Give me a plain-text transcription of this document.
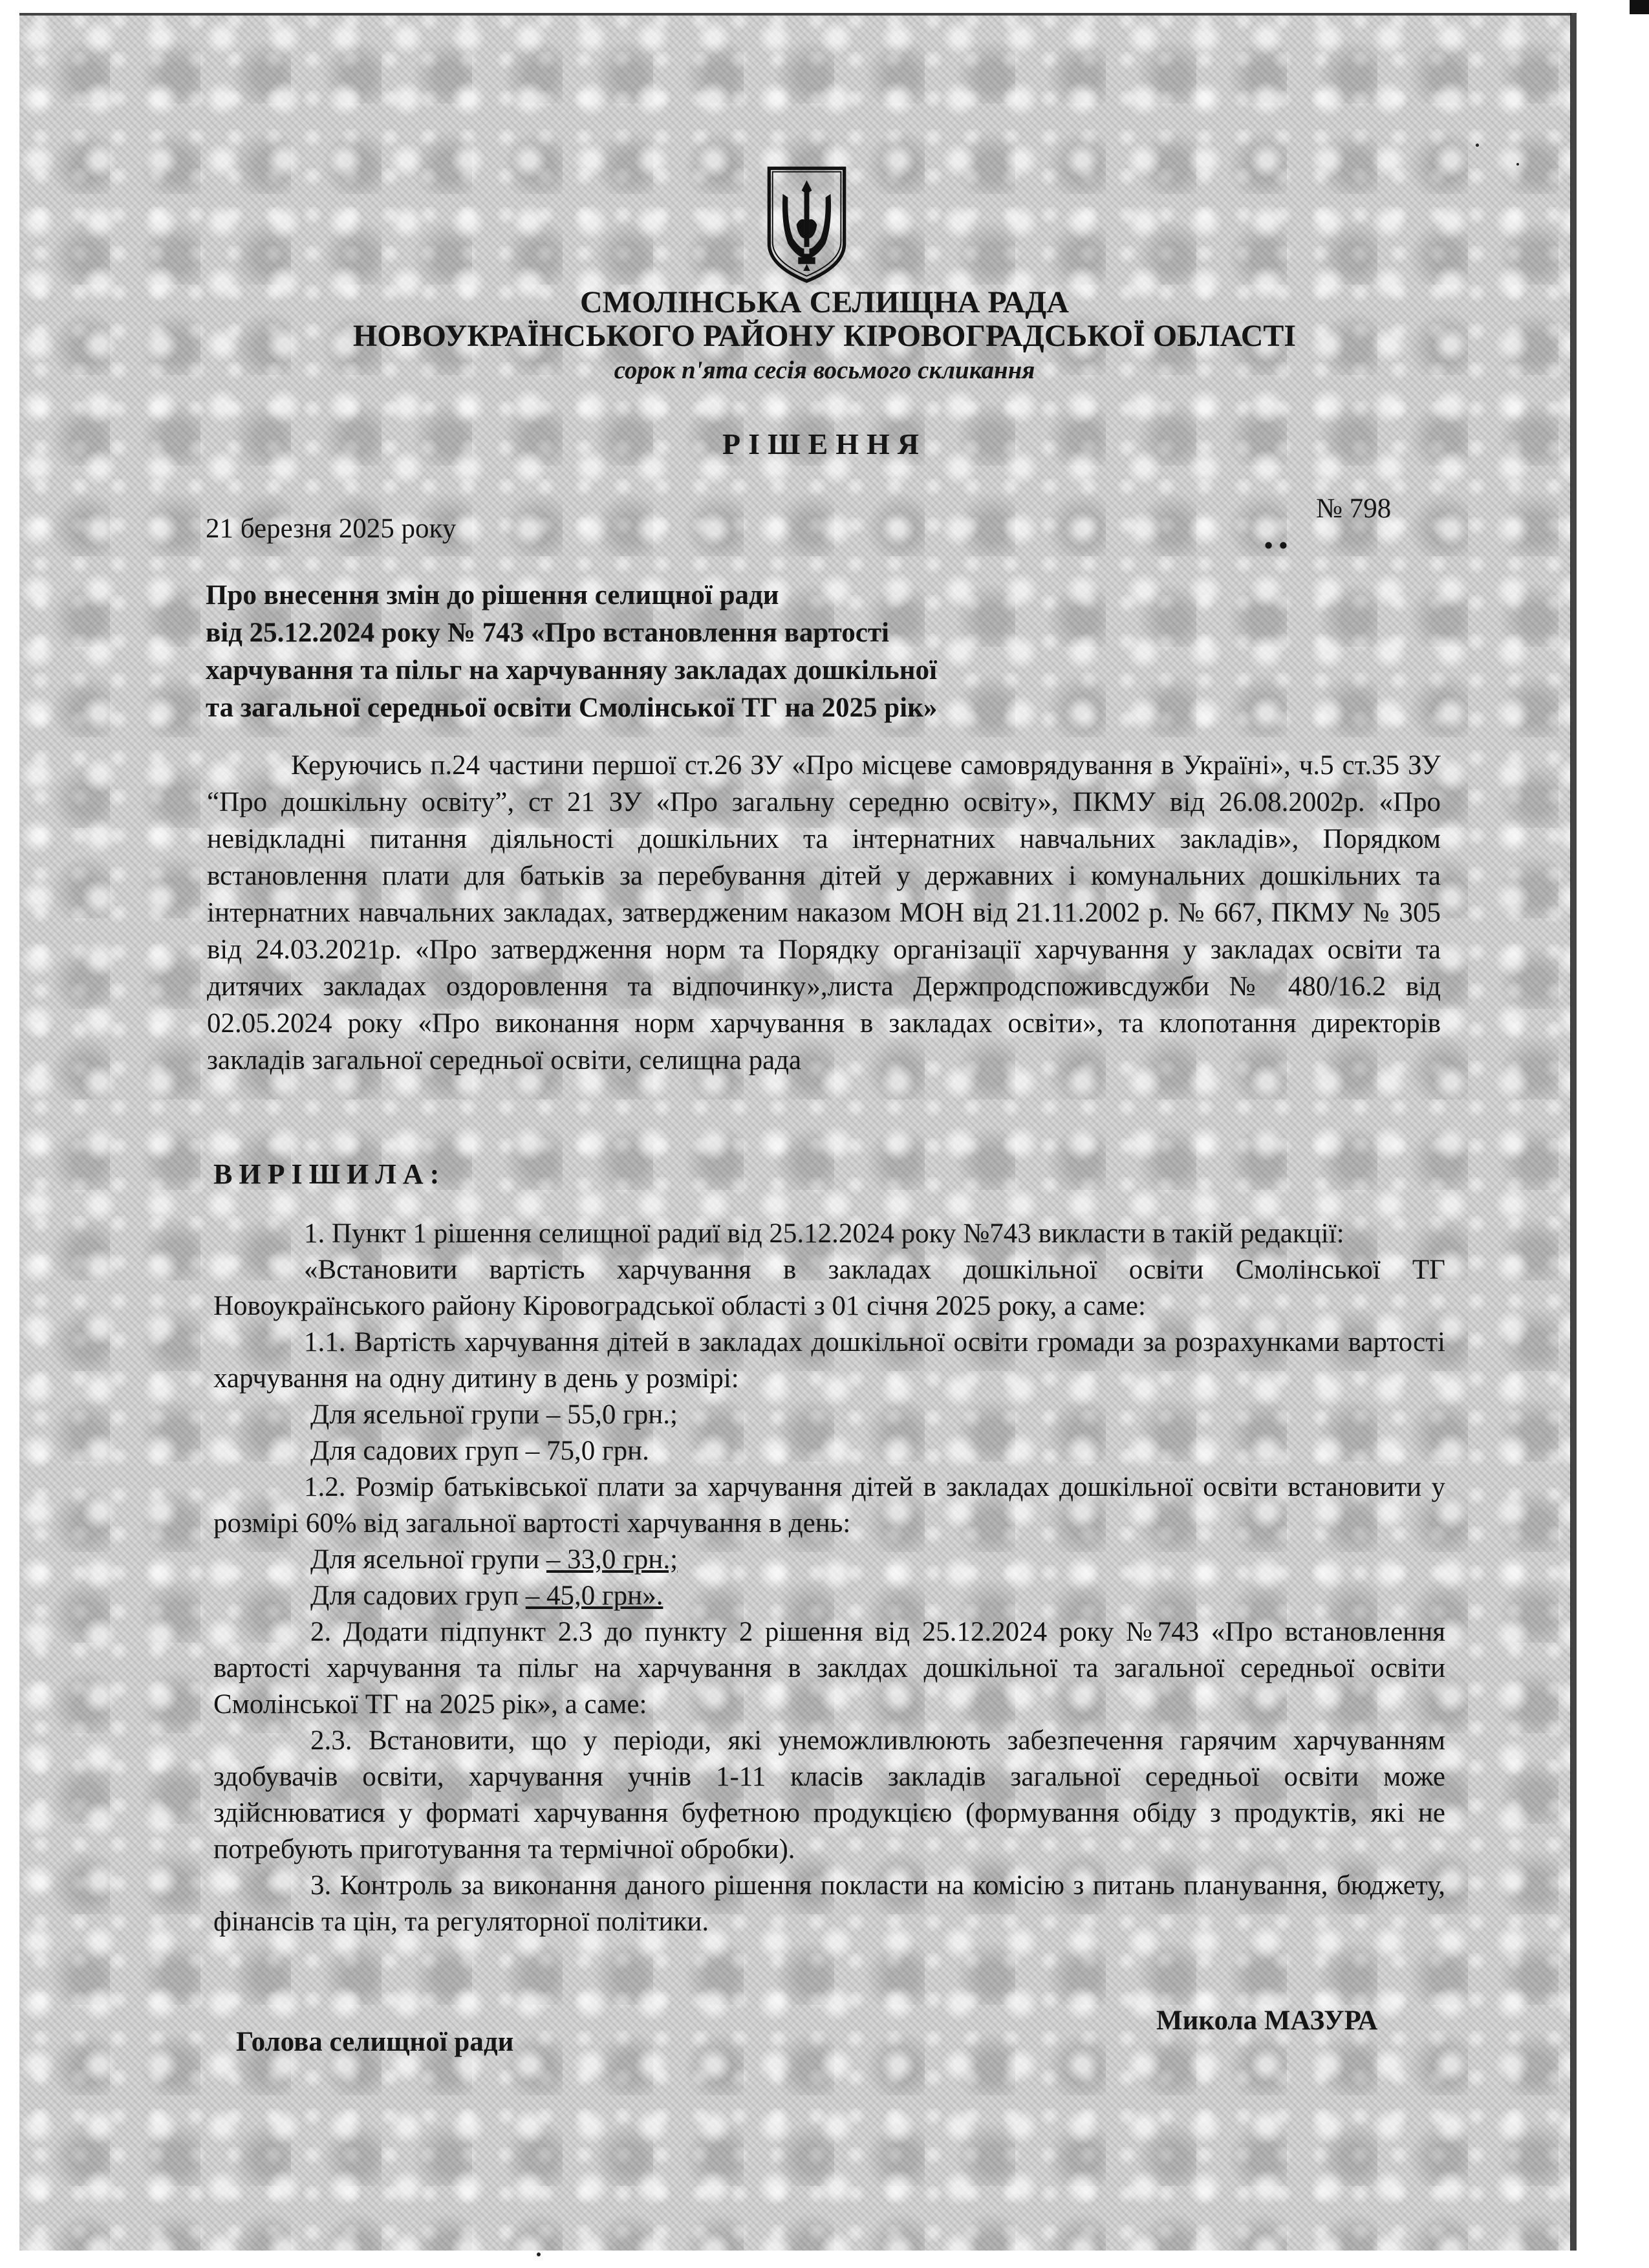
СМОЛІНСЬКА СЕЛИЩНА РАДА
НОВОУКРАЇНСЬКОГО РАЙОНУ КІРОВОГРАДСЬКОЇ ОБЛАСТІ
сорок п'ята сесія восьмого скликання
РІШЕННЯ
21 березня 2025 року
№ 798
• •
Про внесення змін до рішення селищної ради
від 25.12.2024 року № 743 «Про встановлення вартості
харчування та пільг на харчуванняу закладах дошкільної
та загальної середньої освіти Смолінської ТГ на 2025 рік»
Керуючись п.24 частини першої ст.26 ЗУ «Про місцеве самоврядування в Україні», ч.5 ст.35 ЗУ “Про дошкільну освіту”, ст 21 ЗУ «Про загальну середню освіту», ПКМУ від 26.08.2002р. «Про невідкладні питання діяльності дошкільних та інтернатних навчальних закладів», Порядком встановлення плати для батьків за перебування дітей у державних і комунальних дошкільних та інтернатних навчальних закладах, затвердженим наказом МОН від 21.11.2002 р. № 667, ПКМУ № 305 від 24.03.2021р. «Про затвердження норм та Порядку організації харчування у закладах освіти та дитячих закладах оздоровлення та відпочинку»,листа Держпродспоживсдужби № 480/16.2 від 02.05.2024 року «Про виконання норм харчування в закладах освіти», та клопотання директорів закладів загальної середньої освіти, селищна рада
ВИРІШИЛА:

1. Пункт 1 рішення селищної радиї від 25.12.2024 року №743 викласти в такій редакції:

«Встановити вартість харчування в закладах дошкільної освіти Смолінської ТГ Новоукраїнського району Кіровоградської області з 01 січня 2025 року, а саме:

1.1. Вартість харчування дітей в закладах дошкільної освіти громади за розрахунками вартості харчування на одну дитину в день у розмірі:

Для ясельної групи – 55,0 грн.;

Для садових груп – 75,0 грн.

1.2. Розмір батьківської плати за харчування дітей в закладах дошкільної освіти встановити у розмірі 60% від загальної вартості харчування в день:

Для ясельної групи – 33,0 грн.;

Для садових груп – 45,0 грн».

2. Додати підпункт 2.3 до пункту 2 рішення від 25.12.2024 року №743 «Про встановлення вартості харчування та пільг на харчування в заклдах дошкільної та загальної середньої освіти Смолінської ТГ на 2025 рік», а саме:

2.3. Встановити, що у періоди, які унеможливлюють забезпечення гарячим харчуванням здобувачів освіти, харчування учнів 1-11 класів закладів загальної середньої освіти може здійснюватися у форматі харчування буфетною продукцією (формування обіду з продуктів, які не потребують приготування та термічної обробки).

3. Контроль за виконання даного рішення покласти на комісію з питань планування, бюджету, фінансів та цін, та регуляторної політики.

Голова селищної ради
Микола МАЗУРА
